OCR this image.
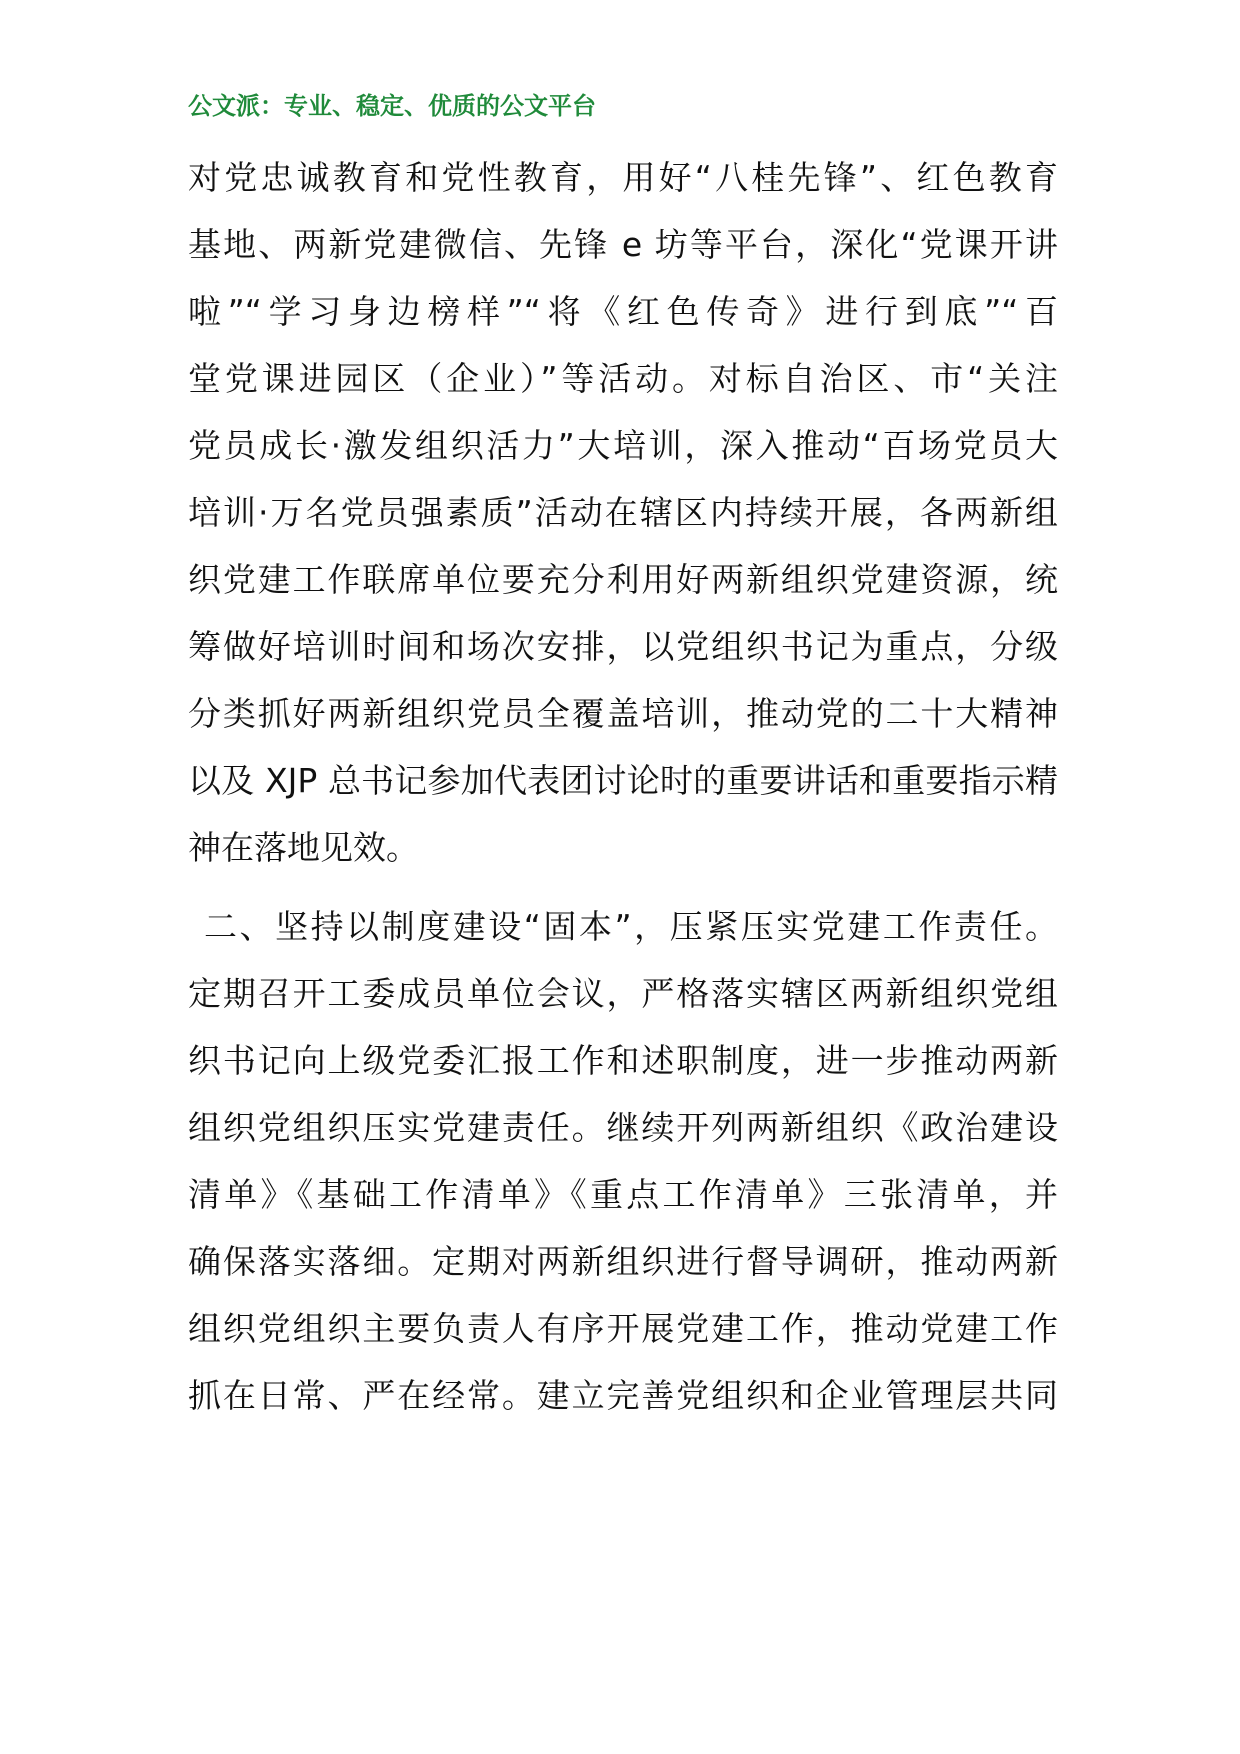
公文派：专业、稳定、优质的公文平台
对党忠诚教育和党性教育，用好“八桂先锋”、红色教育
基地、两新党建微信、先锋 e 坊等平台，深化“党课开讲
啦”“学习身边榜样”“将《红色传奇》进行到底”“百
堂党课进园区（企业）”等活动。对标自治区、市“关注
党员成长·激发组织活力”大培训，深入推动“百场党员大
培训·万名党员强素质”活动在辖区内持续开展，各两新组
织党建工作联席单位要充分利用好两新组织党建资源，统
筹做好培训时间和场次安排，以党组织书记为重点，分级
分类抓好两新组织党员全覆盖培训，推动党的二十大精神
以及 XJP 总书记参加代表团讨论时的重要讲话和重要指示精
神在落地见效。
二、坚持以制度建设“固本”，压紧压实党建工作责任。
定期召开工委成员单位会议，严格落实辖区两新组织党组
织书记向上级党委汇报工作和述职制度，进一步推动两新
组织党组织压实党建责任。继续开列两新组织《政治建设
清单》《基础工作清单》《重点工作清单》三张清单，并
确保落实落细。定期对两新组织进行督导调研，推动两新
组织党组织主要负责人有序开展党建工作，推动党建工作
抓在日常、严在经常。建立完善党组织和企业管理层共同
